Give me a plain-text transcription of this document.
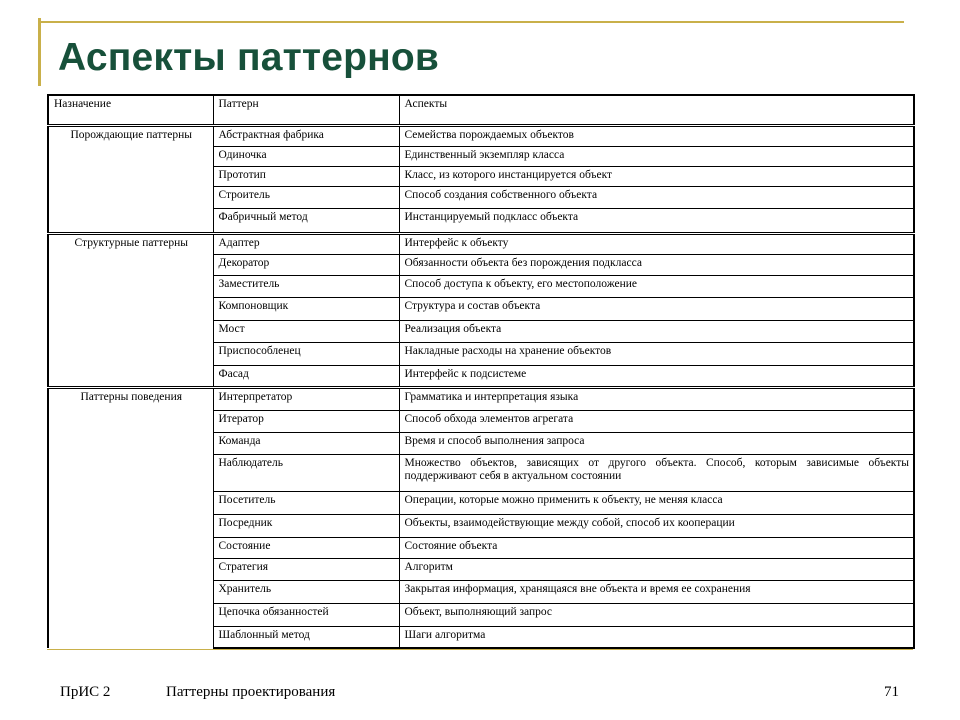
Аспекты паттернов
Назначение	Паттерн	Аспекты
Порождающие паттерны	Абстрактная фабрика	Семейства порождаемых объектов
	Одиночка	Единственный экземпляр класса
	Прототип	Класс, из которого инстанцируется объект
	Строитель	Способ создания собственного объекта
	Фабричный метод	Инстанцируемый подкласс объекта
Структурные паттерны	Адаптер	Интерфейс к объекту
	Декоратор	Обязанности объекта без порождения подкласса
	Заместитель	Способ доступа к объекту, его местоположение
	Компоновщик	Структура и состав объекта
	Мост	Реализация объекта
	Приспособленец	Накладные расходы на хранение объектов
	Фасад	Интерфейс к подсистеме
Паттерны поведения	Интерпретатор	Грамматика и интерпретация языка
	Итератор	Способ обхода элементов агрегата
	Команда	Время и способ выполнения запроса
	Наблюдатель	Множество объектов, зависящих от другого объекта. Способ, которым зависимые объекты поддерживают себя в актуальном состоянии
	Посетитель	Операции, которые можно применить к объекту, не меняя класса
	Посредник	Объекты, взаимодействующие между собой, способ их кооперации
	Состояние	Состояние объекта
	Стратегия	Алгоритм
	Хранитель	Закрытая информация, хранящаяся вне объекта и время ее сохранения
	Цепочка обязанностей	Объект, выполняющий запрос
	Шаблонный метод	Шаги алгоритма
ПрИС 2	Паттерны проектирования	71
